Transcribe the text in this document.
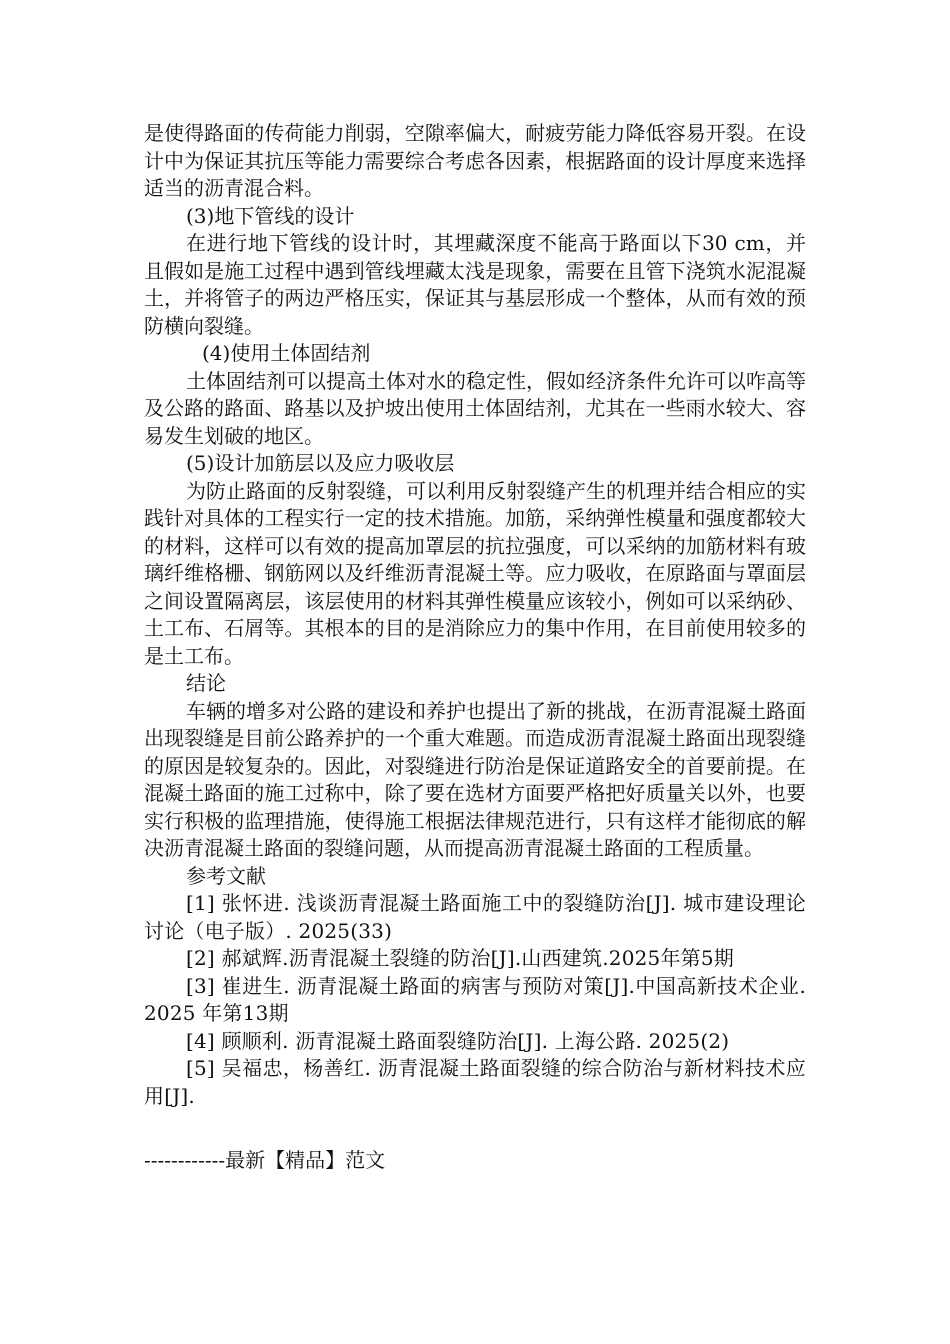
是使得路面的传荷能力削弱，空隙率偏大，耐疲劳能力降低容易开裂。在设计中为保证其抗压等能力需要综合考虑各因素，根据路面的设计厚度来选择适当的沥青混合料。

(3)地下管线的设计

在进行地下管线的设计时，其埋藏深度不能高于路面以下30 cm，并且假如是施工过程中遇到管线埋藏太浅是现象，需要在且管下浇筑水泥混凝土，并将管子的两边严格压实，保证其与基层形成一个整体，从而有效的预防横向裂缝。

(4)使用土体固结剂

土体固结剂可以提高土体对水的稳定性，假如经济条件允许可以咋高等及公路的路面、路基以及护坡出使用土体固结剂，尤其在一些雨水较大、容易发生划破的地区。

(5)设计加筋层以及应力吸收层

为防止路面的反射裂缝，可以利用反射裂缝产生的机理并结合相应的实践针对具体的工程实行一定的技术措施。加筋，采纳弹性模量和强度都较大的材料，这样可以有效的提高加罩层的抗拉强度，可以采纳的加筋材料有玻璃纤维格栅、钢筋网以及纤维沥青混凝土等。应力吸收，在原路面与罩面层之间设置隔离层，该层使用的材料其弹性模量应该较小，例如可以采纳砂、土工布、石屑等。其根本的目的是消除应力的集中作用，在目前使用较多的是土工布。

结论

车辆的增多对公路的建设和养护也提出了新的挑战，在沥青混凝土路面出现裂缝是目前公路养护的一个重大难题。而造成沥青混凝土路面出现裂缝的原因是较复杂的。因此，对裂缝进行防治是保证道路安全的首要前提。在混凝土路面的施工过称中，除了要在选材方面要严格把好质量关以外，也要实行积极的监理措施，使得施工根据法律规范进行，只有这样才能彻底的解决沥青混凝土路面的裂缝问题，从而提高沥青混凝土路面的工程质量。

参考文献

[1] 张怀进. 浅谈沥青混凝土路面施工中的裂缝防治[J]. 城市建设理论讨论（电子版）. 2025(33)

[2] 郝斌辉.沥青混凝土裂缝的防治[J].山西建筑.2025年第5期

[3] 崔进生. 沥青混凝土路面的病害与预防对策[J].中国高新技术企业.2025 年第13期

[4] 顾顺利. 沥青混凝土路面裂缝防治[J]. 上海公路. 2025(2)

[5] 吴福忠，杨善红. 沥青混凝土路面裂缝的综合防治与新材料技术应用[J].

------------最新【精品】范文
